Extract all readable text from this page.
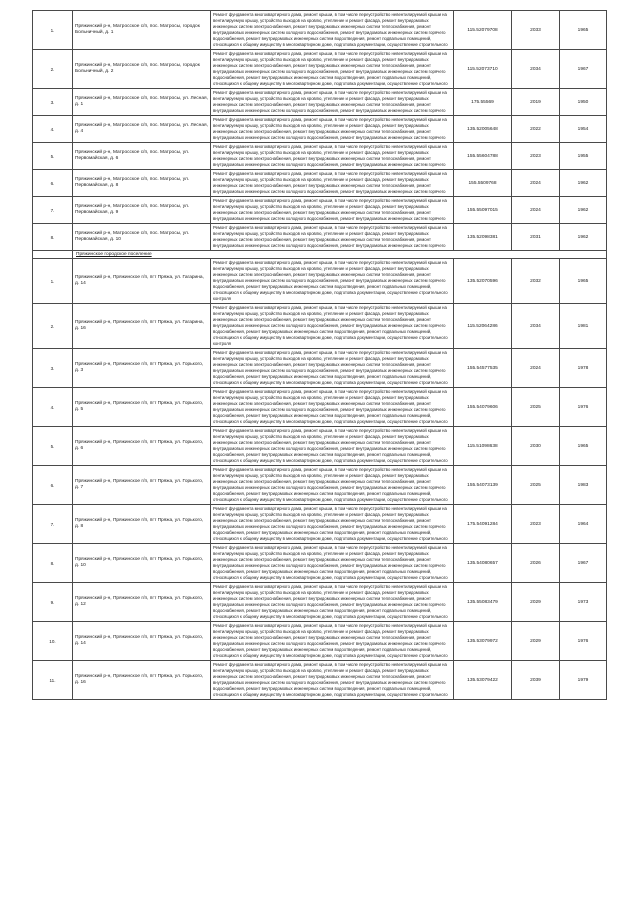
1.	Пряжинский р-н, Матросское с/п, пос. Матросы, городок Больничный, д. 1	Ремонт фундамента многоквартирного дома, ремонт крыши, в том числе переустройство невентилируемой крыши на вентилируемую крышу, устройство выходов на кровлю, утепление и ремонт фасада, ремонт внутридомовых инженерных систем электроснабжения, ремонт внутридомовых инженерных систем теплоснабжения, ремонт внутридомовых инженерных систем холодного водоснабжения, ремонт внутридомовых инженерных систем горячего водоснабжения, ремонт внутридомовых инженерных систем водоотведения, ремонт подвальных помещений, относящихся к общему имуществу в многоквартирном доме, подготовка документации, осуществление строительного	115.52079708	2033	1965
2.	Пряжинский р-н, Матросское с/п, пос. Матросы, городок Больничный, д. 2	Ремонт фундамента многоквартирного дома, ремонт крыши, в том числе переустройство невентилируемой крыши на вентилируемую крышу, устройство выходов на кровлю, утепление и ремонт фасада, ремонт внутридомовых инженерных систем электроснабжения, ремонт внутридомовых инженерных систем теплоснабжения, ремонт внутридомовых инженерных систем холодного водоснабжения, ремонт внутридомовых инженерных систем горячего водоснабжения, ремонт внутридомовых инженерных систем водоотведения, ремонт подвальных помещений, относящихся к общему имуществу в многоквартирном доме, подготовка документации, осуществление строительного	115.52073710	2034	1967
3.	Пряжинский р-н, Матросское с/п, пос. Матросы, ул. Лесная, д. 1	Ремонт фундамента многоквартирного дома, ремонт крыши, в том числе переустройство невентилируемой крыши на вентилируемую крышу, устройство выходов на кровлю, утепление и ремонт фасада, ремонт внутридомовых инженерных систем электроснабжения, ремонт внутридомовых инженерных систем теплоснабжения, ремонт внутридомовых инженерных систем холодного водоснабжения, ремонт внутридомовых инженерных систем горячего	175.55569	2019	1950
4.	Пряжинский р-н, Матросское с/п, пос. Матросы, ул. Лесная, д. 4	Ремонт фундамента многоквартирного дома, ремонт крыши, в том числе переустройство невентилируемой крыши на вентилируемую крышу, устройство выходов на кровлю, утепление и ремонт фасада, ремонт внутридомовых инженерных систем электроснабжения, ремонт внутридомовых инженерных систем теплоснабжения, ремонт внутридомовых инженерных систем холодного водоснабжения, ремонт внутридомовых инженерных систем горячего	135.52005648	2022	1954
5.	Пряжинский р-н, Матросское с/п, пос. Матросы, ул. Первомайская, д. 6	Ремонт фундамента многоквартирного дома, ремонт крыши, в том числе переустройство невентилируемой крыши на вентилируемую крышу, устройство выходов на кровлю, утепление и ремонт фасада, ремонт внутридомовых инженерных систем электроснабжения, ремонт внутридомовых инженерных систем теплоснабжения, ремонт внутридомовых инженерных систем холодного водоснабжения, ремонт внутридомовых инженерных систем горячего	155.55604788	2023	1955
6.	Пряжинский р-н, Матросское с/п, пос. Матросы, ул. Первомайская, д. 8	Ремонт фундамента многоквартирного дома, ремонт крыши, в том числе переустройство невентилируемой крыши на вентилируемую крышу, устройство выходов на кровлю, утепление и ремонт фасада, ремонт внутридомовых инженерных систем электроснабжения, ремонт внутридомовых инженерных систем теплоснабжения, ремонт внутридомовых инженерных систем холодного водоснабжения, ремонт внутридомовых инженерных систем горячего	155.5509768	2024	1962
7.	Пряжинский р-н, Матросское с/п, пос. Матросы, ул. Первомайская, д. 9	Ремонт фундамента многоквартирного дома, ремонт крыши, в том числе переустройство невентилируемой крыши на вентилируемую крышу, устройство выходов на кровлю, утепление и ремонт фасада, ремонт внутридомовых инженерных систем электроснабжения, ремонт внутридомовых инженерных систем теплоснабжения, ремонт внутридомовых инженерных систем холодного водоснабжения, ремонт внутридомовых инженерных систем горячего	155.55097015	2024	1962
8.	Пряжинский р-н, Матросское с/п, пос. Матросы, ул. Первомайская, д. 10	Ремонт фундамента многоквартирного дома, ремонт крыши, в том числе переустройство невентилируемой крыши на вентилируемую крышу, устройство выходов на кровлю, утепление и ремонт фасада, ремонт внутридомовых инженерных систем электроснабжения, ремонт внутридомовых инженерных систем теплоснабжения, ремонт внутридомовых инженерных систем холодного водоснабжения, ремонт внутридомовых инженерных систем горячего	135.52098381	2031	1962
	Пряжинское городское поселение				
1.	Пряжинский р-н, Пряжинское г/п, пгт Пряжа, ул. Гагарина, д. 14	Ремонт фундамента многоквартирного дома, ремонт крыши, в том числе переустройство невентилируемой крыши на вентилируемую крышу, устройство выходов на кровлю, утепление и ремонт фасада, ремонт внутридомовых инженерных систем электроснабжения, ремонт внутридомовых инженерных систем теплоснабжения, ремонт внутридомовых инженерных систем холодного водоснабжения, ремонт внутридомовых инженерных систем горячего водоснабжения, ремонт внутридомовых инженерных систем водоотведения, ремонт подвальных помещений, относящихся к общему имуществу в многоквартирном доме, подготовка документации, осуществление строительного контроля	135.52070596	2032	1965
2.	Пряжинский р-н, Пряжинское г/п, пгт Пряжа, ул. Гагарина, д. 16	Ремонт фундамента многоквартирного дома, ремонт крыши, в том числе переустройство невентилируемой крыши на вентилируемую крышу, устройство выходов на кровлю, утепление и ремонт фасада, ремонт внутридомовых инженерных систем электроснабжения, ремонт внутридомовых инженерных систем теплоснабжения, ремонт внутридомовых инженерных систем холодного водоснабжения, ремонт внутридомовых инженерных систем горячего водоснабжения, ремонт внутридомовых инженерных систем водоотведения, ремонт подвальных помещений, относящихся к общему имуществу в многоквартирном доме, подготовка документации, осуществление строительного контроля	115.52064286	2034	1981
3.	Пряжинский р-н, Пряжинское г/п, пгт Пряжа, ул. Горького, д. 3	Ремонт фундамента многоквартирного дома, ремонт крыши, в том числе переустройство невентилируемой крыши на вентилируемую крышу, устройство выходов на кровлю, утепление и ремонт фасада, ремонт внутридомовых инженерных систем электроснабжения, ремонт внутридомовых инженерных систем теплоснабжения, ремонт внутридомовых инженерных систем холодного водоснабжения, ремонт внутридомовых инженерных систем горячего водоснабжения, ремонт внутридомовых инженерных систем водоотведения, ремонт подвальных помещений, относящихся к общему имуществу в многоквартирном доме, подготовка документации, осуществление строительного	155.54577535	2024	1978
4.	Пряжинский р-н, Пряжинское г/п, пгт Пряжа, ул. Горького, д. 5	Ремонт фундамента многоквартирного дома, ремонт крыши, в том числе переустройство невентилируемой крыши на вентилируемую крышу, устройство выходов на кровлю, утепление и ремонт фасада, ремонт внутридомовых инженерных систем электроснабжения, ремонт внутридомовых инженерных систем теплоснабжения, ремонт внутридомовых инженерных систем холодного водоснабжения, ремонт внутридомовых инженерных систем горячего водоснабжения, ремонт внутридомовых инженерных систем водоотведения, ремонт подвальных помещений, относящихся к общему имуществу в многоквартирном доме, подготовка документации, осуществление строительного	155.54079606	2025	1976
5.	Пряжинский р-н, Пряжинское г/п, пгт Пряжа, ул. Горького, д. 6	Ремонт фундамента многоквартирного дома, ремонт крыши, в том числе переустройство невентилируемой крыши на вентилируемую крышу, устройство выходов на кровлю, утепление и ремонт фасада, ремонт внутридомовых инженерных систем электроснабжения, ремонт внутридомовых инженерных систем теплоснабжения, ремонт внутридомовых инженерных систем холодного водоснабжения, ремонт внутридомовых инженерных систем горячего водоснабжения, ремонт внутридомовых инженерных систем водоотведения, ремонт подвальных помещений, относящихся к общему имуществу в многоквартирном доме, подготовка документации, осуществление строительного	115.51098638	2030	1965
6.	Пряжинский р-н, Пряжинское г/п, пгт Пряжа, ул. Горького, д. 7	Ремонт фундамента многоквартирного дома, ремонт крыши, в том числе переустройство невентилируемой крыши на вентилируемую крышу, устройство выходов на кровлю, утепление и ремонт фасада, ремонт внутридомовых инженерных систем электроснабжения, ремонт внутридомовых инженерных систем теплоснабжения, ремонт внутридомовых инженерных систем холодного водоснабжения, ремонт внутридомовых инженерных систем горячего водоснабжения, ремонт внутридомовых инженерных систем водоотведения, ремонт подвальных помещений, относящихся к общему имуществу в многоквартирном доме, подготовка документации, осуществление строительного	155.54073139	2025	1983
7.	Пряжинский р-н, Пряжинское г/п, пгт Пряжа, ул. Горького, д. 8	Ремонт фундамента многоквартирного дома, ремонт крыши, в том числе переустройство невентилируемой крыши на вентилируемую крышу, устройство выходов на кровлю, утепление и ремонт фасада, ремонт внутридомовых инженерных систем электроснабжения, ремонт внутридомовых инженерных систем теплоснабжения, ремонт внутридомовых инженерных систем холодного водоснабжения, ремонт внутридомовых инженерных систем горячего водоснабжения, ремонт внутридомовых инженерных систем водоотведения, ремонт подвальных помещений, относящихся к общему имуществу в многоквартирном доме, подготовка документации, осуществление строительного	175.54091284	2023	1964
8.	Пряжинский р-н, Пряжинское г/п, пгт Пряжа, ул. Горького, д. 10	Ремонт фундамента многоквартирного дома, ремонт крыши, в том числе переустройство невентилируемой крыши на вентилируемую крышу, устройство выходов на кровлю, утепление и ремонт фасада, ремонт внутридомовых инженерных систем электроснабжения, ремонт внутридомовых инженерных систем теплоснабжения, ремонт внутридомовых инженерных систем холодного водоснабжения, ремонт внутридомовых инженерных систем горячего водоснабжения, ремонт внутридомовых инженерных систем водоотведения, ремонт подвальных помещений, относящихся к общему имуществу в многоквартирном доме, подготовка документации, осуществление строительного	135.54080657	2026	1967
9.	Пряжинский р-н, Пряжинское г/п, пгт Пряжа, ул. Горького, д. 12	Ремонт фундамента многоквартирного дома, ремонт крыши, в том числе переустройство невентилируемой крыши на вентилируемую крышу, устройство выходов на кровлю, утепление и ремонт фасада, ремонт внутридомовых инженерных систем электроснабжения, ремонт внутридомовых инженерных систем теплоснабжения, ремонт внутридомовых инженерных систем холодного водоснабжения, ремонт внутридомовых инженерных систем горячего водоснабжения, ремонт внутридомовых инженерных систем водоотведения, ремонт подвальных помещений, относящихся к общему имуществу в многоквартирном доме, подготовка документации, осуществление строительного	135.55083479	2029	1973
10.	Пряжинский р-н, Пряжинское г/п, пгт Пряжа, ул. Горького, д. 14	Ремонт фундамента многоквартирного дома, ремонт крыши, в том числе переустройство невентилируемой крыши на вентилируемую крышу, устройство выходов на кровлю, утепление и ремонт фасада, ремонт внутридомовых инженерных систем электроснабжения, ремонт внутридомовых инженерных систем теплоснабжения, ремонт внутридомовых инженерных систем холодного водоснабжения, ремонт внутридомовых инженерных систем горячего водоснабжения, ремонт внутридомовых инженерных систем водоотведения, ремонт подвальных помещений, относящихся к общему имуществу в многоквартирном доме, подготовка документации, осуществление строительного	135.53079972	2029	1976
11.	Пряжинский р-н, Пряжинское г/п, пгт Пряжа, ул. Горького, д. 16	Ремонт фундамента многоквартирного дома, ремонт крыши, в том числе переустройство невентилируемой крыши на вентилируемую крышу, устройство выходов на кровлю, утепление и ремонт фасада, ремонт внутридомовых инженерных систем электроснабжения, ремонт внутридомовых инженерных систем теплоснабжения, ремонт внутридомовых инженерных систем холодного водоснабжения, ремонт внутридомовых инженерных систем горячего водоснабжения, ремонт внутридомовых инженерных систем водоотведения, ремонт подвальных помещений, относящихся к общему имуществу в многоквартирном доме, подготовка документации, осуществление строительного	135.53079422	2039	1979
